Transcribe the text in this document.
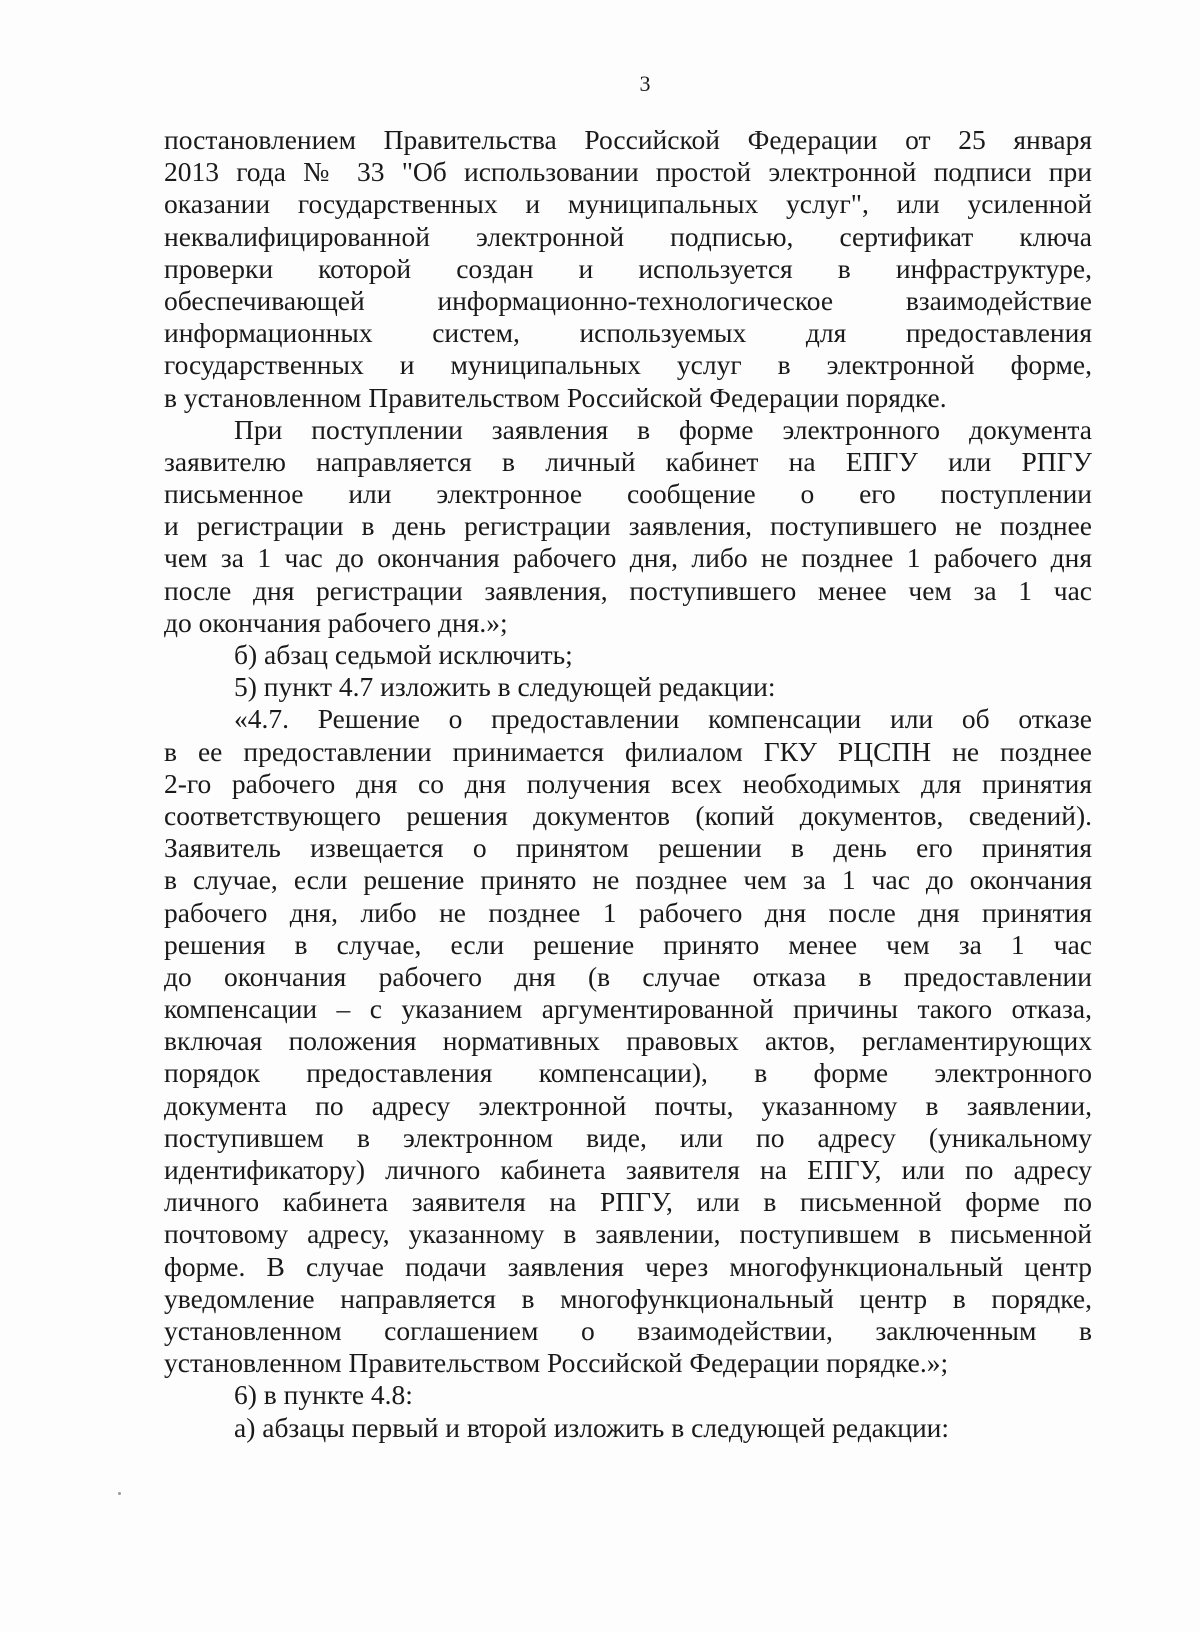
3
постановлением Правительства Российской Федерации от 25 января
2013 года № 33 "Об использовании простой электронной подписи при
оказании государственных и муниципальных услуг", или усиленной
неквалифицированной электронной подписью, сертификат ключа
проверки которой создан и используется в инфраструктуре,
обеспечивающей информационно-технологическое взаимодействие
информационных систем, используемых для предоставления
государственных и муниципальных услуг в электронной форме,
в установленном Правительством Российской Федерации порядке.
При поступлении заявления в форме электронного документа
заявителю направляется в личный кабинет на ЕПГУ или РПГУ
письменное или электронное сообщение о его поступлении
и регистрации в день регистрации заявления, поступившего не позднее
чем за 1 час до окончания рабочего дня, либо не позднее 1 рабочего дня
после дня регистрации заявления, поступившего менее чем за 1 час
до окончания рабочего дня.»;
б) абзац седьмой исключить;
5) пункт 4.7 изложить в следующей редакции:
«4.7. Решение о предоставлении компенсации или об отказе
в ее предоставлении принимается филиалом ГКУ РЦСПН не позднее
2-го рабочего дня со дня получения всех необходимых для принятия
соответствующего решения документов (копий документов, сведений).
Заявитель извещается о принятом решении в день его принятия
в случае, если решение принято не позднее чем за 1 час до окончания
рабочего дня, либо не позднее 1 рабочего дня после дня принятия
решения в случае, если решение принято менее чем за 1 час
до окончания рабочего дня (в случае отказа в предоставлении
компенсации – с указанием аргументированной причины такого отказа,
включая положения нормативных правовых актов, регламентирующих
порядок предоставления компенсации), в форме электронного
документа по адресу электронной почты, указанному в заявлении,
поступившем в электронном виде, или по адресу (уникальному
идентификатору) личного кабинета заявителя на ЕПГУ, или по адресу
личного кабинета заявителя на РПГУ, или в письменной форме по
почтовому адресу, указанному в заявлении, поступившем в письменной
форме. В случае подачи заявления через многофункциональный центр
уведомление направляется в многофункциональный центр в порядке,
установленном соглашением о взаимодействии, заключенным в
установленном Правительством Российской Федерации порядке.»;
6) в пункте 4.8:
а) абзацы первый и второй изложить в следующей редакции:
